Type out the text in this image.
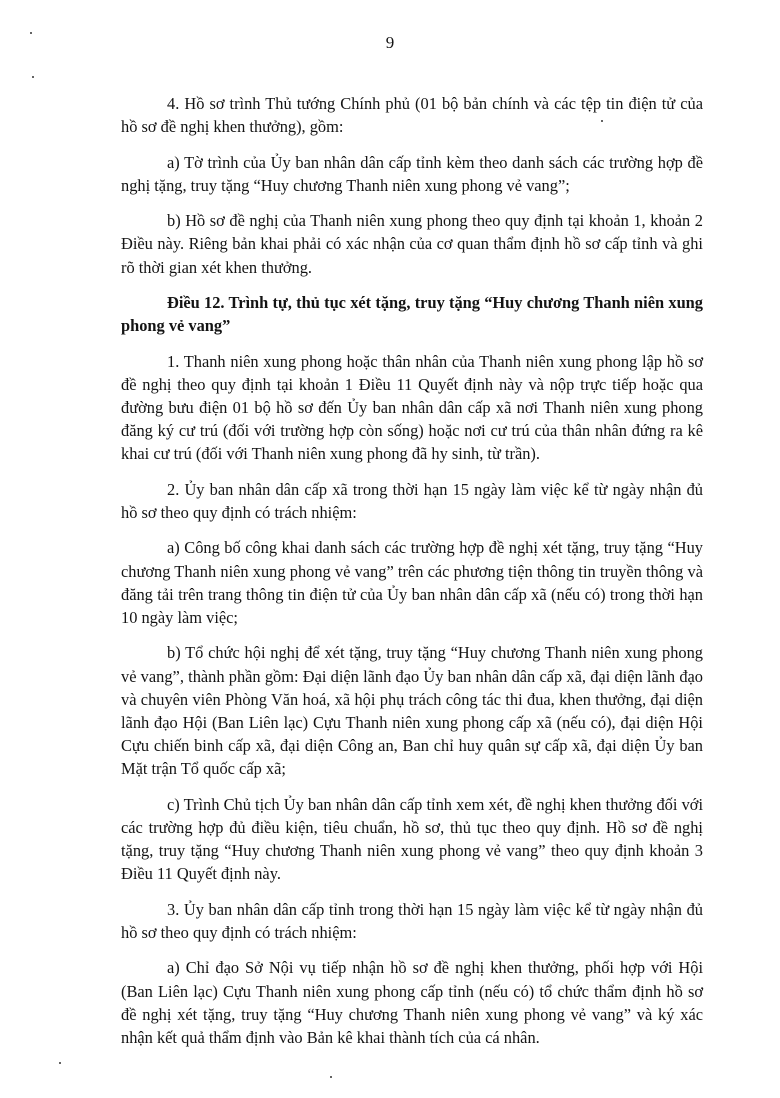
9

4. Hồ sơ trình Thủ tướng Chính phủ (01 bộ bản chính và các tệp tin điện tử của hồ sơ đề nghị khen thưởng), gồm:

a) Tờ trình của Ủy ban nhân dân cấp tỉnh kèm theo danh sách các trường hợp đề nghị tặng, truy tặng “Huy chương Thanh niên xung phong vẻ vang”;

b) Hồ sơ đề nghị của Thanh niên xung phong theo quy định tại khoản 1, khoản 2 Điều này. Riêng bản khai phải có xác nhận của cơ quan thẩm định hồ sơ cấp tỉnh và ghi rõ thời gian xét khen thưởng.

Điều 12. Trình tự, thủ tục xét tặng, truy tặng “Huy chương Thanh niên xung phong vẻ vang”

1. Thanh niên xung phong hoặc thân nhân của Thanh niên xung phong lập hồ sơ đề nghị theo quy định tại khoản 1 Điều 11 Quyết định này và nộp trực tiếp hoặc qua đường bưu điện 01 bộ hồ sơ đến Ủy ban nhân dân cấp xã nơi Thanh niên xung phong đăng ký cư trú (đối với trường hợp còn sống) hoặc nơi cư trú của thân nhân đứng ra kê khai cư trú (đối với Thanh niên xung phong đã hy sinh, từ trần).

2. Ủy ban nhân dân cấp xã trong thời hạn 15 ngày làm việc kể từ ngày nhận đủ hồ sơ theo quy định có trách nhiệm:

a) Công bố công khai danh sách các trường hợp đề nghị xét tặng, truy tặng “Huy chương Thanh niên xung phong vẻ vang” trên các phương tiện thông tin truyền thông và đăng tải trên trang thông tin điện tử của Ủy ban nhân dân cấp xã (nếu có) trong thời hạn 10 ngày làm việc;

b) Tổ chức hội nghị để xét tặng, truy tặng “Huy chương Thanh niên xung phong vẻ vang”, thành phần gồm: Đại diện lãnh đạo Ủy ban nhân dân cấp xã, đại diện lãnh đạo và chuyên viên Phòng Văn hoá, xã hội phụ trách công tác thi đua, khen thưởng, đại diện lãnh đạo Hội (Ban Liên lạc) Cựu Thanh niên xung phong cấp xã (nếu có), đại diện Hội Cựu chiến binh cấp xã, đại diện Công an, Ban chỉ huy quân sự cấp xã, đại diện Ủy ban Mặt trận Tổ quốc cấp xã;

c) Trình Chủ tịch Ủy ban nhân dân cấp tỉnh xem xét, đề nghị khen thưởng đối với các trường hợp đủ điều kiện, tiêu chuẩn, hồ sơ, thủ tục theo quy định. Hồ sơ đề nghị tặng, truy tặng “Huy chương Thanh niên xung phong vẻ vang” theo quy định khoản 3 Điều 11 Quyết định này.

3. Ủy ban nhân dân cấp tỉnh trong thời hạn 15 ngày làm việc kể từ ngày nhận đủ hồ sơ theo quy định có trách nhiệm:

a) Chỉ đạo Sở Nội vụ tiếp nhận hồ sơ đề nghị khen thưởng, phối hợp với Hội (Ban Liên lạc) Cựu Thanh niên xung phong cấp tỉnh (nếu có) tổ chức thẩm định hồ sơ đề nghị xét tặng, truy tặng “Huy chương Thanh niên xung phong vẻ vang” và ký xác nhận kết quả thẩm định vào Bản kê khai thành tích của cá nhân.
